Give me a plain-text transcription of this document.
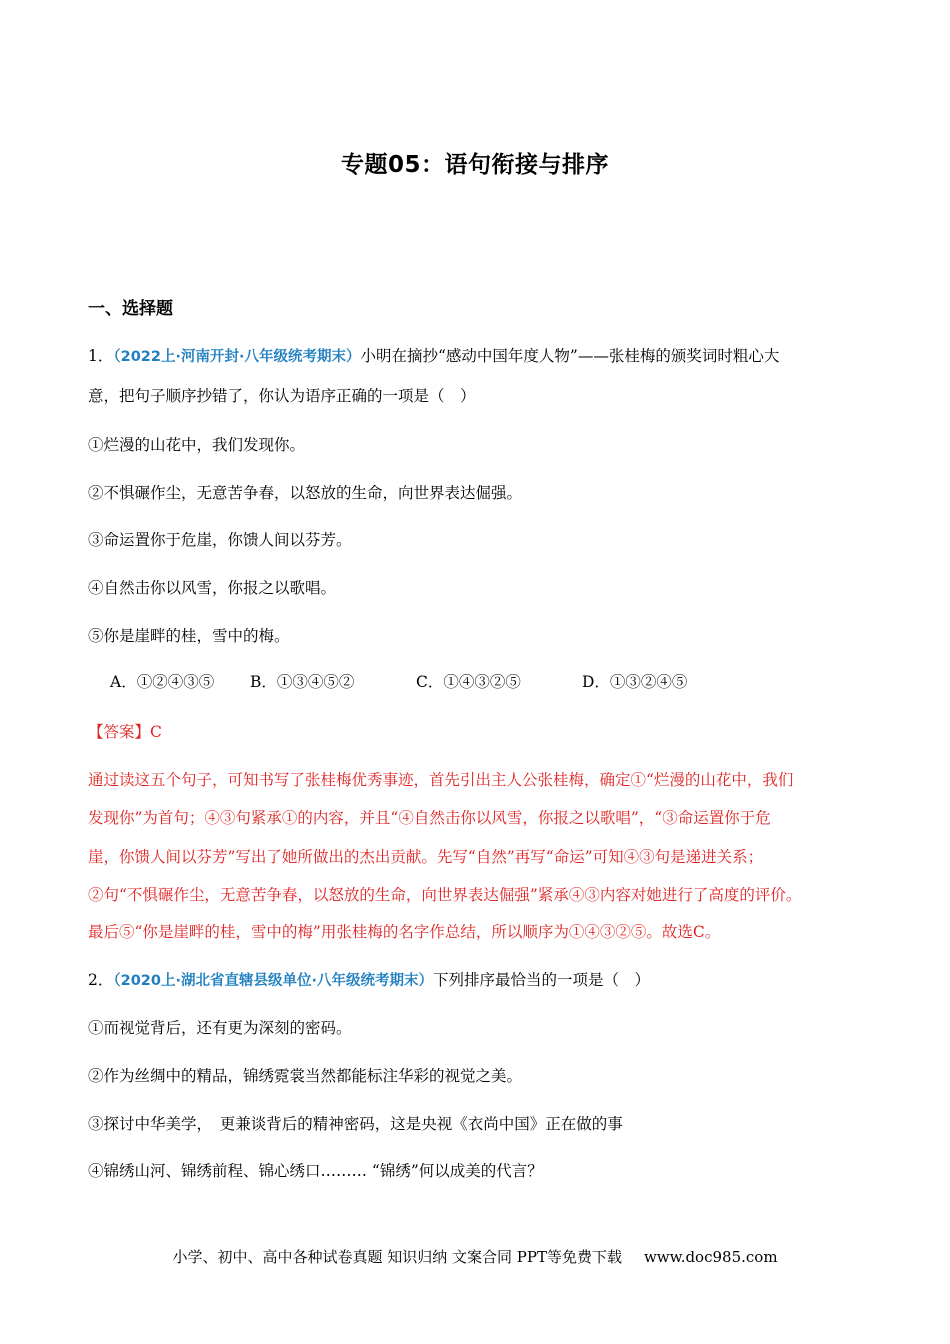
专题05：语句衔接与排序
一、选择题
1．（2022上·河南开封·八年级统考期末）小明在摘抄“感动中国年度人物”——张桂梅的颁奖词时粗心大
意，把句子顺序抄错了，你认为语序正确的一项是（　）
①烂漫的山花中，我们发现你。
②不惧碾作尘，无意苦争春，以怒放的生命，向世界表达倔强。
③命运置你于危崖，你馈人间以芬芳。
④自然击你以风雪，你报之以歌唱。
⑤你是崖畔的桂，雪中的梅。
A．①②④③⑤ B．①③④⑤②	C．①④③②⑤	D．①③②④⑤
【答案】C
通过读这五个句子，可知书写了张桂梅优秀事迹，首先引出主人公张桂梅，确定①“烂漫的山花中，我们
发现你”为首句；④③句紧承①的内容，并且“④自然击你以风雪，你报之以歌唱”，“③命运置你于危
崖，你馈人间以芬芳”写出了她所做出的杰出贡献。先写“自然”再写“命运”可知④③句是递进关系；
②句“不惧碾作尘，无意苦争春，以怒放的生命，向世界表达倔强”紧承④③内容对她进行了高度的评价。
最后⑤“你是崖畔的桂，雪中的梅”用张桂梅的名字作总结，所以顺序为①④③②⑤。故选C。
2．（2020上·湖北省直辖县级单位·八年级统考期末）下列排序最恰当的一项是（　）
①而视觉背后，还有更为深刻的密码。
②作为丝绸中的精品，锦绣霓裳当然都能标注华彩的视觉之美。
③探讨中华美学，　更兼谈背后的精神密码，这是央视《衣尚中国》正在做的事
④锦绣山河、锦绣前程、锦心绣口……… “锦绣”何以成美的代言？
小学、初中、高中各种试卷真题 知识归纳 文案合同 PPT等免费下载 www.doc985.com
